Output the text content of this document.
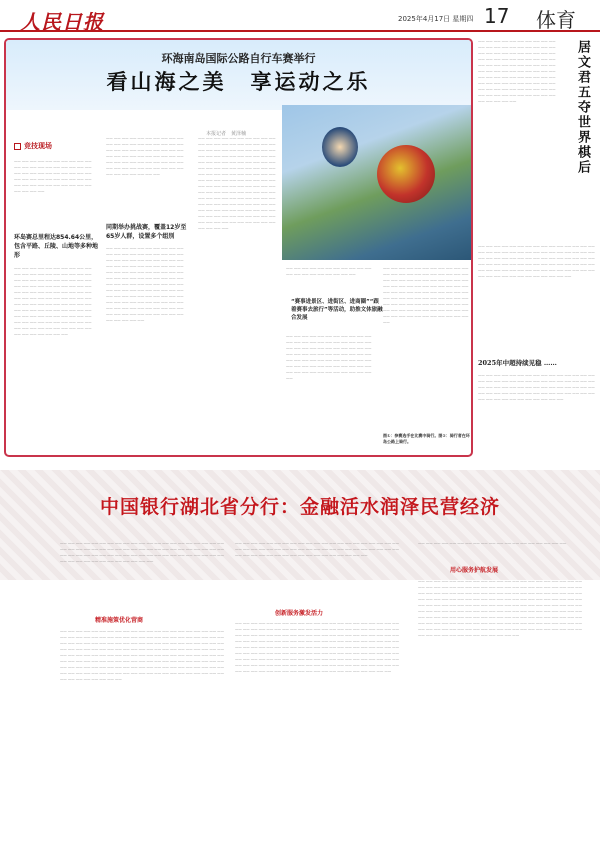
人民日报	2025年4月17日 星期四 17 体育
环海南岛国际公路自行车赛举行
看山海之美　享运动之乐
本报记者　黄泽楠
竞技现场
—— —— —— —— —— —— —— —— —— —— —— —— —— —— —— —— —— —— —— —— —— —— —— —— —— —— —— —— —— —— —— —— —— —— —— —— —— —— —— —— —— —— —— —— —— —— —— —— —— —— —— —— —— ——
环岛赛总里程达854.64公里，包含平路、丘陵、山地等多种地形
—— —— —— —— —— —— —— —— —— —— —— —— —— —— —— —— —— —— —— —— —— —— —— —— —— —— —— —— —— —— —— —— —— —— —— —— —— —— —— —— —— —— —— —— —— —— —— —— —— —— —— —— —— —— —— —— —— —— —— —— —— —— —— —— —— —— —— —— —— —— —— —— —— —— —— —— —— —— —— —— —— —— —— —— —— —— —— —— —— —— —— —— —— —— —— —— —— —— —— —— —— —— —— —— —— —— —— —— —— —— —— —— —— —— —— —— ——
—— —— —— —— —— —— —— —— —— —— —— —— —— —— —— —— —— —— —— —— —— —— —— —— —— —— —— —— —— —— —— —— —— —— —— —— —— —— —— —— —— —— —— —— —— —— —— —— —— —— —— —— —— —— —— —— —— —— —— —— —— —— —— —— —— —— ——
同期举办挑战赛，覆盖12岁至65岁人群，设置多个组别
—— —— —— —— —— —— —— —— —— —— —— —— —— —— —— —— —— —— —— —— —— —— —— —— —— —— —— —— —— —— —— —— —— —— —— —— —— —— —— —— —— —— —— —— —— —— —— —— —— —— —— —— —— —— —— —— —— —— —— —— —— —— —— —— —— —— —— —— —— —— —— —— —— —— —— —— —— —— —— —— —— —— —— —— —— —— —— —— —— —— —— —— —— —— —— —— —— —— —— —— —— —— —— —— —— —— —— —— —— —— —— —— —— —— —— —— —— —— —— —— —— —— —— —— ——
—— —— —— —— —— —— —— —— —— —— —— —— —— —— —— —— —— —— —— —— —— —— —— —— —— —— —— —— —— —— —— —— —— —— —— —— —— —— —— —— —— —— —— —— —— —— —— —— —— —— —— —— —— —— —— —— —— —— —— —— —— —— —— —— —— —— —— —— —— —— —— —— —— —— —— —— —— —— —— —— —— —— —— —— —— —— —— —— —— —— —— —— —— —— —— —— —— —— —— —— —— —— —— —— —— —— —— —— —— —— —— —— —— —— —— —— —— —— —— —— —— —— —— —— —— —— —— —— —— —— —— —— —— —— —— —— —— —— —— —— —— —— —— —— —— —— —— —— —— —— —— —— —— ——
—— —— —— —— —— —— —— —— —— —— —— —— —— —— —— —— —— —— —— ——
“赛事进景区、进街区、进商圈”“跟着赛事去旅行”等活动，助推文体旅融合发展
—— —— —— —— —— —— —— —— —— —— —— —— —— —— —— —— —— —— —— —— —— —— —— —— —— —— —— —— —— —— —— —— —— —— —— —— —— —— —— —— —— —— —— —— —— —— —— —— —— —— —— —— —— —— —— —— —— —— —— —— —— —— —— —— —— —— —— —— —— —— —— —— —— —— —— —— —— ——
—— —— —— —— —— —— —— —— —— —— —— —— —— —— —— —— —— —— —— —— —— —— —— —— —— —— —— —— —— —— —— —— —— —— —— —— —— —— —— —— —— —— —— —— —— —— —— —— —— —— —— —— —— —— —— —— —— —— —— —— —— —— —— —— —— —— —— —— —— —— —— —— —— —— —— —— —— —— —— —— —— —— —— —— —— —— —— —— —— —— —— —— —— —— —— —— —— —— —— ——
图①：参赛选手在比赛中骑行。图②：骑行者在环岛公路上骑行。
—— —— —— —— —— —— —— —— —— —— —— —— —— —— —— —— —— —— —— —— —— —— —— —— —— —— —— —— —— —— —— —— —— —— —— —— —— —— —— —— —— —— —— —— —— —— —— —— —— —— —— —— —— —— —— —— —— —— —— —— —— —— —— —— —— —— —— —— —— —— —— —— —— —— —— —— —— —— —— —— —— —— —— —— —— —— —— —— —— —— —— —— —— —— —— —— —— —— —— —— —— —— —— —— ——
—— —— —— —— —— —— —— —— —— —— —— —— —— —— —— —— —— —— —— —— —— —— —— —— —— —— —— —— —— —— —— —— —— —— —— —— —— —— —— —— —— —— —— —— —— —— —— —— —— —— —— —— —— —— —— —— —— —— —— —— —— —— —— —— —— —— —— —— —— —— —— —— —— —— —— —— —— —— —— —— —— —— —— —— —— —— ——
2025年中超持续见稳 ……
—— —— —— —— —— —— —— —— —— —— —— —— —— —— —— —— —— —— —— —— —— —— —— —— —— —— —— —— —— —— —— —— —— —— —— —— —— —— —— —— —— —— —— —— —— —— —— —— —— —— —— —— —— —— —— —— —— —— —— —— —— —— —— —— —— —— —— —— —— —— ——
居文君五夺世界棋后
中国银行湖北省分行：金融活水润泽民营经济
—— —— —— —— —— —— —— —— —— —— —— —— —— —— —— —— —— —— —— —— —— —— —— —— —— —— —— —— —— —— —— —— —— —— —— —— —— —— —— —— —— —— —— —— —— —— —— —— —— —— —— —— —— —— —— —— —— —— —— —— —— —— —— —— —— —— —— —— —— —— —— —— —— —— ——
精准施策优化营商
—— —— —— —— —— —— —— —— —— —— —— —— —— —— —— —— —— —— —— —— —— —— —— —— —— —— —— —— —— —— —— —— —— —— —— —— —— —— —— —— —— —— —— —— —— —— —— —— —— —— —— —— —— —— —— —— —— —— —— —— —— —— —— —— —— —— —— —— —— —— —— —— —— —— —— —— —— —— —— —— —— —— —— —— —— —— —— —— —— —— —— —— —— —— —— —— —— —— —— —— —— —— —— —— —— —— —— —— —— —— —— —— —— —— —— —— —— —— —— —— —— —— —— —— —— —— —— —— —— —— —— —— —— —— —— —— —— —— —— —— —— —— —— —— —— —— —— —— —— —— —— —— —— —— —— —— —— —— —— —— —— —— —— —— —— —— —— —— —— —— —— —— —— —— —— ——
—— —— —— —— —— —— —— —— —— —— —— —— —— —— —— —— —— —— —— —— —— —— —— —— —— —— —— —— —— —— —— —— —— —— —— —— —— —— —— —— —— —— —— —— —— —— —— —— —— —— —— —— —— —— —— —— —— —— ——
创新服务激发活力
—— —— —— —— —— —— —— —— —— —— —— —— —— —— —— —— —— —— —— —— —— —— —— —— —— —— —— —— —— —— —— —— —— —— —— —— —— —— —— —— —— —— —— —— —— —— —— —— —— —— —— —— —— —— —— —— —— —— —— —— —— —— —— —— —— —— —— —— —— —— —— —— —— —— —— —— —— —— —— —— —— —— —— —— —— —— —— —— —— —— —— —— —— —— —— —— —— —— —— —— —— —— —— —— —— —— —— —— —— —— —— —— —— —— —— —— —— —— —— —— —— —— —— —— —— —— —— —— —— —— —— —— —— —— —— —— —— —— —— —— —— —— —— —— —— —— —— —— —— —— —— —— —— —— —— —— —— —— —— —— —— —— —— —— —— —— —— —— —— —— —— —— —— —— —— —— —— —— —— —— —— —— —— —— —— —— —— ——
—— —— —— —— —— —— —— —— —— —— —— —— —— —— —— —— —— —— ——
用心服务护航发展
—— —— —— —— —— —— —— —— —— —— —— —— —— —— —— —— —— —— —— —— —— —— —— —— —— —— —— —— —— —— —— —— —— —— —— —— —— —— —— —— —— —— —— —— —— —— —— —— —— —— —— —— —— —— —— —— —— —— —— —— —— —— —— —— —— —— —— —— —— —— —— —— —— —— —— —— —— —— —— —— —— —— —— —— —— —— —— —— —— —— —— —— —— —— —— —— —— —— —— —— —— —— —— —— —— —— —— —— —— —— —— —— —— —— —— —— —— —— —— —— —— —— —— —— —— —— —— —— —— —— —— —— —— —— —— —— —— —— —— —— —— —— —— —— —— —— —— —— —— —— —— —— —— —— —— —— —— —— —— —— —— —— —— —— —— —— —— —— —— —— —— —— —— —— —— —— —— —— —— —— —— —— —— —— —— —— —— —— —— —— —— —— —— —— —— —— —— —— —— —— —— ——
